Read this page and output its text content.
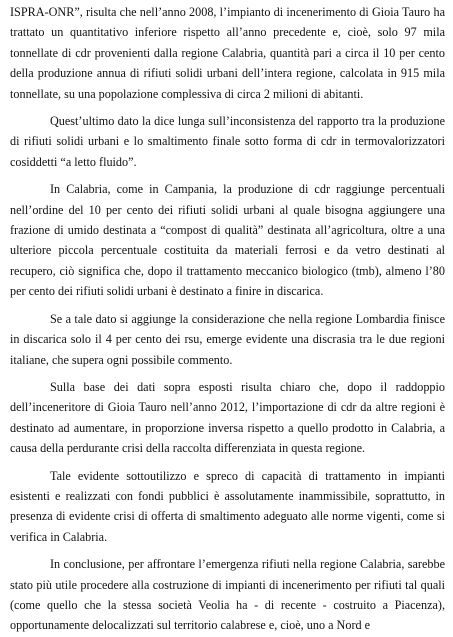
ISPRA-ONR”, risulta che nell’anno 2008, l’impianto di incenerimento di Gioia Tauro ha trattato un quantitativo inferiore rispetto all’anno precedente e, cioè, solo 97 mila tonnellate di cdr provenienti dalla regione Calabria, quantità pari a circa il 10 per cento della produzione annua di rifiuti solidi urbani dell’intera regione, calcolata in 915 mila tonnellate, su una popolazione complessiva di circa 2 milioni di abitanti.

Quest’ultimo dato la dice lunga sull’inconsistenza del rapporto tra la produzione di rifiuti solidi urbani e lo smaltimento finale sotto forma di cdr in termovalorizzatori cosiddetti “a letto fluido”.

In Calabria, come in Campania, la produzione di cdr raggiunge percentuali nell’ordine del 10 per cento dei rifiuti solidi urbani al quale bisogna aggiungere una frazione di umido destinata a “compost di qualità” destinata all’agricoltura, oltre a una ulteriore piccola percentuale costituita da materiali ferrosi e da vetro destinati al recupero, ciò significa che, dopo il trattamento meccanico biologico (tmb), almeno l’80 per cento dei rifiuti solidi urbani è destinato a finire in discarica.

Se a tale dato si aggiunge la considerazione che nella regione Lombardia finisce in discarica solo il 4 per cento dei rsu, emerge evidente una discrasia tra le due regioni italiane, che supera ogni possibile commento.

Sulla base dei dati sopra esposti risulta chiaro che, dopo il raddoppio dell’inceneritore di Gioia Tauro nell’anno 2012, l’importazione di cdr da altre regioni è destinato ad aumentare, in proporzione inversa rispetto a quello prodotto in Calabria, a causa della perdurante crisi della raccolta differenziata in questa regione.

Tale evidente sottoutilizzo e spreco di capacità di trattamento in impianti esistenti e realizzati con fondi pubblici è assolutamente inammissibile, soprattutto, in presenza di evidente crisi di offerta di smaltimento adeguato alle norme vigenti, come si verifica in Calabria.

In conclusione, per affrontare l’emergenza rifiuti nella regione Calabria, sarebbe stato più utile procedere alla costruzione di impianti di incenerimento per rifiuti tal quali (come quello che la stessa società Veolia ha - di recente - costruito a Piacenza), opportunamente delocalizzati sul territorio calabrese e, cioè, uno a Nord e
